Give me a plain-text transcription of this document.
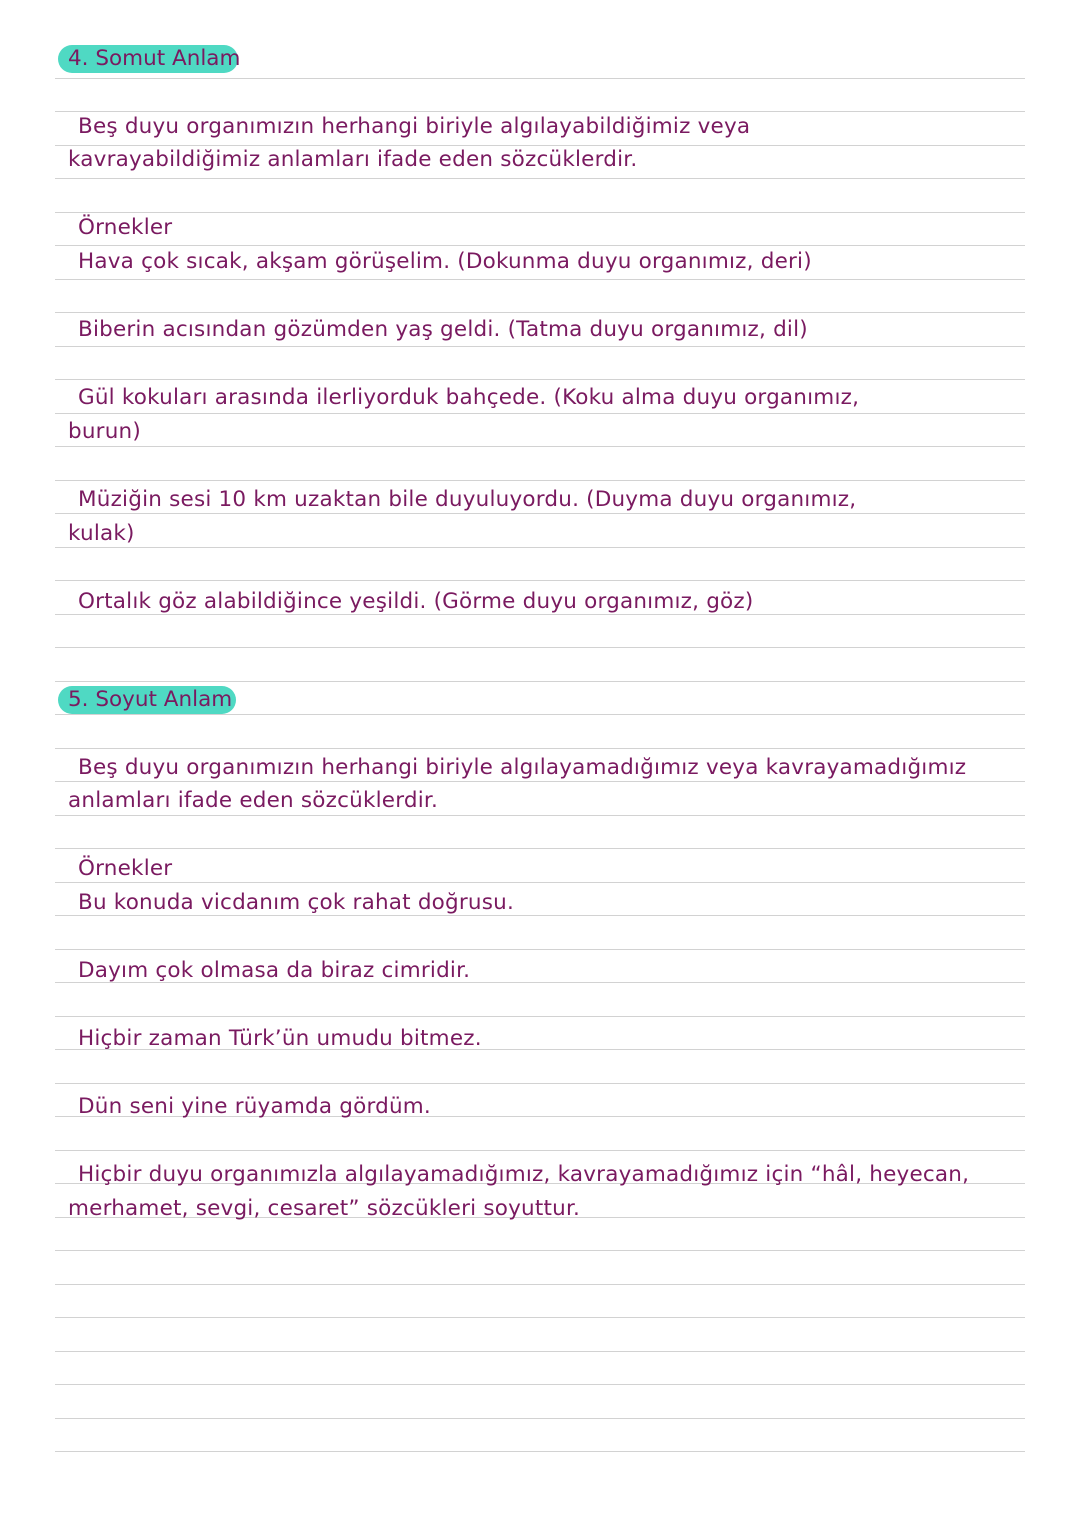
4. Somut Anlam
Beş duyu organımızın herhangi biriyle algılayabildiğimiz veya
kavrayabildiğimiz anlamları ifade eden sözcüklerdir.
Örnekler
Hava çok sıcak, akşam görüşelim. (Dokunma duyu organımız, deri)
Biberin acısından gözümden yaş geldi. (Tatma duyu organımız, dil)
Gül kokuları arasında ilerliyorduk bahçede. (Koku alma duyu organımız,
burun)
Müziğin sesi 10 km uzaktan bile duyuluyordu. (Duyma duyu organımız,
kulak)
Ortalık göz alabildiğince yeşildi. (Görme duyu organımız, göz)
5. Soyut Anlam
Beş duyu organımızın herhangi biriyle algılayamadığımız veya kavrayamadığımız
anlamları ifade eden sözcüklerdir.
Örnekler
Bu konuda vicdanım çok rahat doğrusu.
Dayım çok olmasa da biraz cimridir.
Hiçbir zaman Türk’ün umudu bitmez.
Dün seni yine rüyamda gördüm.
Hiçbir duyu organımızla algılayamadığımız, kavrayamadığımız için “hâl, heyecan,
merhamet, sevgi, cesaret” sözcükleri soyuttur.
